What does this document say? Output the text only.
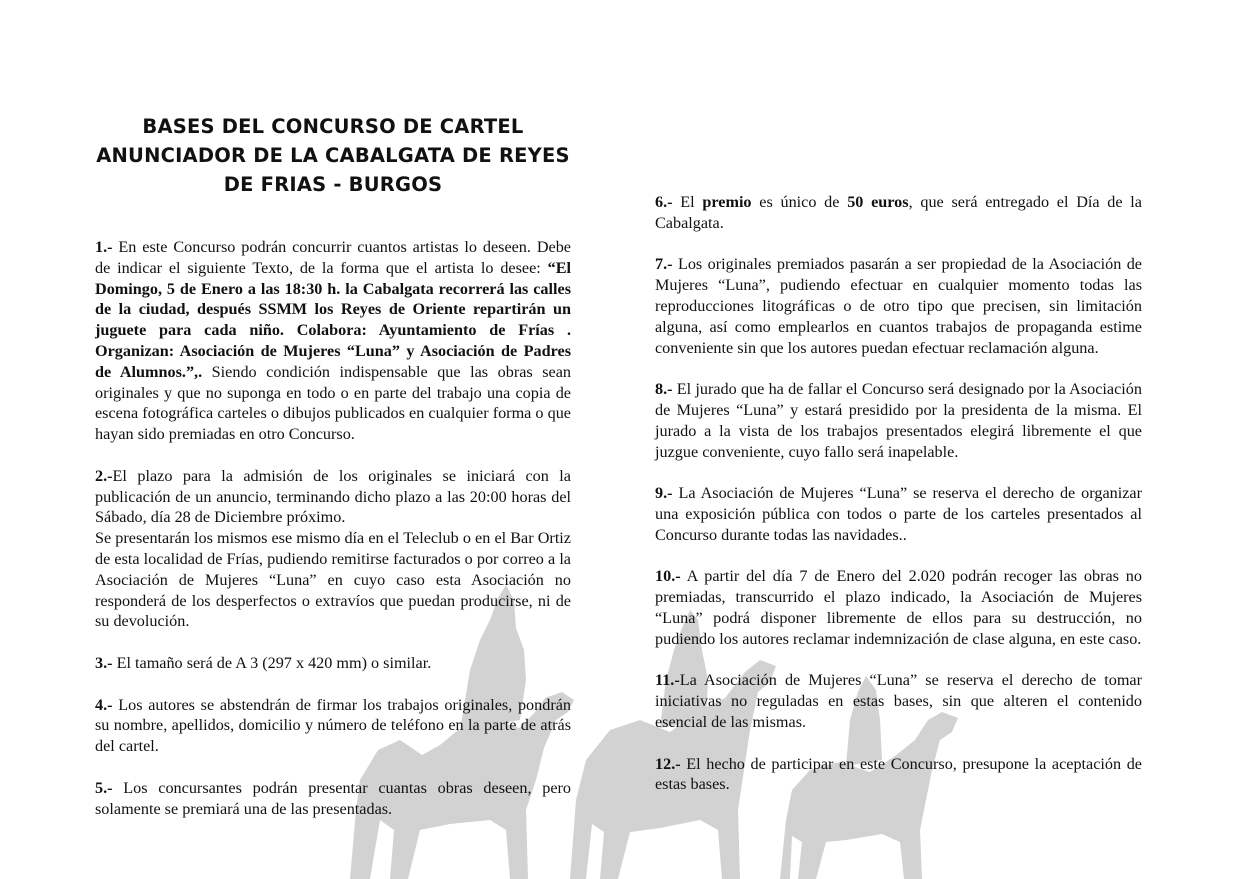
BASES DEL CONCURSO DE CARTEL
ANUNCIADOR DE LA CABALGATA DE REYES
DE FRIAS - BURGOS

1.- En este Concurso podrán concurrir cuantos artistas lo deseen. Debe de indicar el siguiente Texto, de la forma que el artista lo desee: “El Domingo, 5 de Enero a las 18:30 h. la Cabalgata recorrerá las calles de la ciudad, después SSMM los Reyes de Oriente repartirán un juguete para cada niño. Colabora: Ayuntamiento de Frías . Organizan: Asociación de Mujeres “Luna” y Asociación de Padres de Alumnos.”,. Siendo condición indispensable que las obras sean originales y que no suponga en todo o en parte del trabajo una copia de escena fotográfica carteles o dibujos publicados en cualquier forma o que hayan sido premiadas en otro Concurso.

2.-El plazo para la admisión de los originales se iniciará con la publicación de un anuncio, terminando dicho plazo a las 20:00 horas del Sábado, día 28 de Diciembre próximo.

Se presentarán los mismos ese mismo día en el Teleclub o en el Bar Ortiz de esta localidad de Frías, pudiendo remitirse facturados o por correo a la Asociación de Mujeres “Luna” en cuyo caso esta Asociación no responderá de los desperfectos o extravíos que puedan producirse, ni de su devolución.

3.- El tamaño será de A 3 (297 x 420 mm) o similar.

4.- Los autores se abstendrán de firmar los trabajos originales, pondrán su nombre, apellidos, domicilio y número de teléfono en la parte de atrás del cartel.

5.- Los concursantes podrán presentar cuantas obras deseen, pero solamente se premiará una de las presentadas.

6.- El premio es único de 50 euros, que será entregado el Día de la Cabalgata.

7.- Los originales premiados pasarán a ser propiedad de la Asociación de Mujeres “Luna”, pudiendo efectuar en cualquier momento todas las reproducciones litográficas o de otro tipo que precisen, sin limitación alguna, así como emplearlos en cuantos trabajos de propaganda estime conveniente sin que los autores puedan efectuar reclamación alguna.

8.- El jurado que ha de fallar el Concurso será designado por la Asociación de Mujeres “Luna” y estará presidido por la presidenta de la misma. El jurado a la vista de los trabajos presentados elegirá libremente el que juzgue conveniente, cuyo fallo será inapelable.

9.- La Asociación de Mujeres “Luna” se reserva el derecho de organizar una exposición pública con todos o parte de los carteles presentados al Concurso durante todas las navidades..

10.- A partir del día 7 de Enero del 2.020 podrán recoger las obras no premiadas, transcurrido el plazo indicado, la Asociación de Mujeres “Luna” podrá disponer libremente de ellos para su destrucción, no pudiendo los autores reclamar indemnización de clase alguna, en este caso.

11.-La Asociación de Mujeres “Luna” se reserva el derecho de tomar iniciativas no reguladas en estas bases, sin que alteren el contenido esencial de las mismas.

12.- El hecho de participar en este Concurso, presupone la aceptación de estas bases.
